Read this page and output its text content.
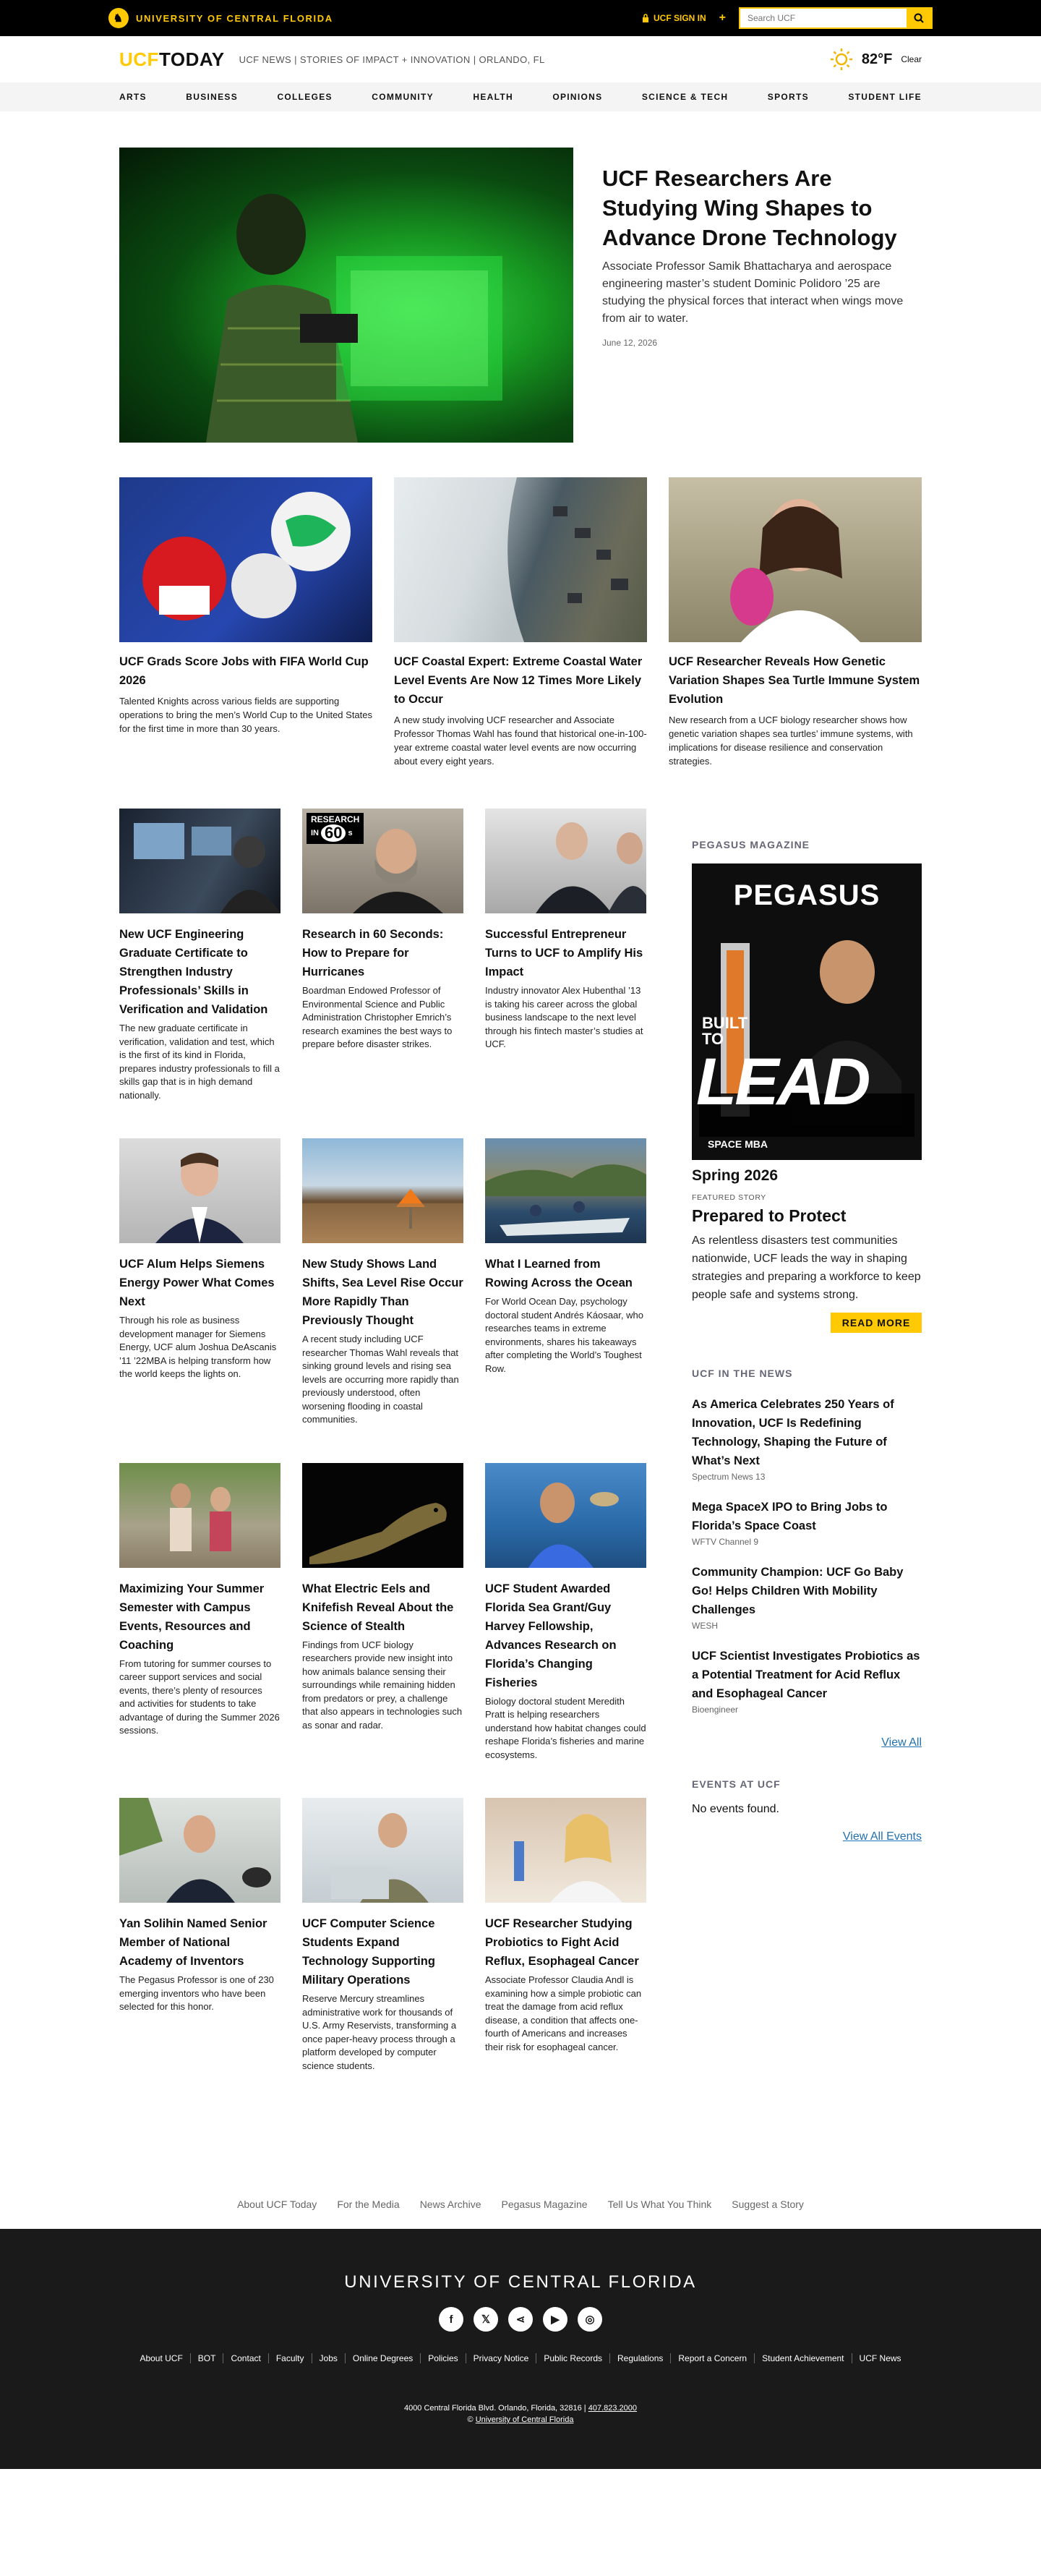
♞	UNIVERSITY OF CENTRAL FLORIDA	UCF SIGN IN +
Search UCF
UCFTODAY UCF NEWS | STORIES OF IMPACT + INNOVATION | ORLANDO, FL	82°F Clear
ARTS	BUSINESS	COLLEGES	COMMUNITY	HEALTH	OPINIONS	SCIENCE & TECH	SPORTS	STUDENT LIFE
UCF Researchers Are Studying Wing Shapes to Advance Drone Technology

Associate Professor Samik Bhattacharya and aerospace engineering master’s student Dominic Polidoro ’25 are studying the physical forces that interact when wings move from air to water.

June 12, 2026
UCF Grads Score Jobs with FIFA World Cup 2026

Talented Knights across various fields are supporting operations to bring the men’s World Cup to the United States for the first time in more than 30 years.

UCF Coastal Expert: Extreme Coastal Water Level Events Are Now 12 Times More Likely to Occur

A new study involving UCF researcher and Associate Professor Thomas Wahl has found that historical one-in-100-year extreme coastal water level events are now occurring about every eight years.

UCF Researcher Reveals How Genetic Variation Shapes Sea Turtle Immune System Evolution

New research from a UCF biology researcher shows how genetic variation shapes sea turtles’ immune systems, with implications for disease resilience and conservation strategies.

New UCF Engineering Graduate Certificate to Strengthen Industry Professionals’ Skills in Verification and Validation

The new graduate certificate in verification, validation and test, which is the first of its kind in Florida, prepares industry professionals to fill a skills gap that is in high demand nationally.

RESEARCH
IN 60 s
Research in 60 Seconds: How to Prepare for Hurricanes

Boardman Endowed Professor of Environmental Science and Public Administration Christopher Emrich’s research examines the best ways to prepare before disaster strikes.

Successful Entrepreneur Turns to UCF to Amplify His Impact

Industry innovator Alex Hubenthal ’13 is taking his career across the global business landscape to the next level through his fintech master’s studies at UCF.

UCF Alum Helps Siemens Energy Power What Comes Next

Through his role as business development manager for Siemens Energy, UCF alum Joshua DeAscanis ’11 ’22MBA is helping transform how the world keeps the lights on.

New Study Shows Land Shifts, Sea Level Rise Occur More Rapidly Than Previously Thought

A recent study including UCF researcher Thomas Wahl reveals that sinking ground levels and rising sea levels are occurring more rapidly than previously understood, often worsening flooding in coastal communities.

What I Learned from Rowing Across the Ocean

For World Ocean Day, psychology doctoral student Andrés Káosaar, who researches teams in extreme environments, shares his takeaways after completing the World’s Toughest Row.

Maximizing Your Summer Semester with Campus Events, Resources and Coaching

From tutoring for summer courses to career support services and social events, there’s plenty of resources and activities for students to take advantage of during the Summer 2026 sessions.

What Electric Eels and Knifefish Reveal About the Science of Stealth

Findings from UCF biology researchers provide new insight into how animals balance sensing their surroundings while remaining hidden from predators or prey, a challenge that also appears in technologies such as sonar and radar.

UCF Student Awarded Florida Sea Grant/Guy Harvey Fellowship, Advances Research on Florida’s Changing Fisheries

Biology doctoral student Meredith Pratt is helping researchers understand how habitat changes could reshape Florida’s fisheries and marine ecosystems.

Yan Solihin Named Senior Member of National Academy of Inventors

The Pegasus Professor is one of 230 emerging inventors who have been selected for this honor.

UCF Computer Science Students Expand Technology Supporting Military Operations

Reserve Mercury streamlines administrative work for thousands of U.S. Army Reservists, transforming a once paper-heavy process through a platform developed by computer science students.

UCF Researcher Studying Probiotics to Fight Acid Reflux, Esophageal Cancer

Associate Professor Claudia Andl is examining how a simple probiotic can treat the damage from acid reflux disease, a condition that affects one-fourth of Americans and increases their risk for esophageal cancer.

PEGASUS MAGAZINE
PEGASUS
BUILT
TO
LEAD
SPACE MBA
Spring 2026
FEATURED STORY
Prepared to Protect
As relentless disasters test communities nationwide, UCF leads the way in shaping strategies and preparing a workforce to keep people safe and systems strong.
READ MORE
UCF IN THE NEWS
As America Celebrates 250 Years of Innovation, UCF Is Redefining Technology, Shaping the Future of What’s Next
Spectrum News 13
Mega SpaceX IPO to Bring Jobs to Florida’s Space Coast
WFTV Channel 9
Community Champion: UCF Go Baby Go! Helps Children With Mobility Challenges
WESH
UCF Scientist Investigates Probiotics as a Potential Treatment for Acid Reflux and Esophageal Cancer
Bioengineer
View All
EVENTS AT UCF
No events found.
View All Events
About UCF Today For the Media News Archive Pegasus Magazine Tell Us What You Think Suggest a Story
UNIVERSITY OF CENTRAL FLORIDA
f	𝕏	⋖	▶	◎
About UCF	BOT	Contact	Faculty	Jobs	Online Degrees	Policies	Privacy Notice	Public Records	Regulations	Report a Concern	Student Achievement	UCF News
4000 Central Florida Blvd. Orlando, Florida, 32816 | 407.823.2000
© University of Central Florida
